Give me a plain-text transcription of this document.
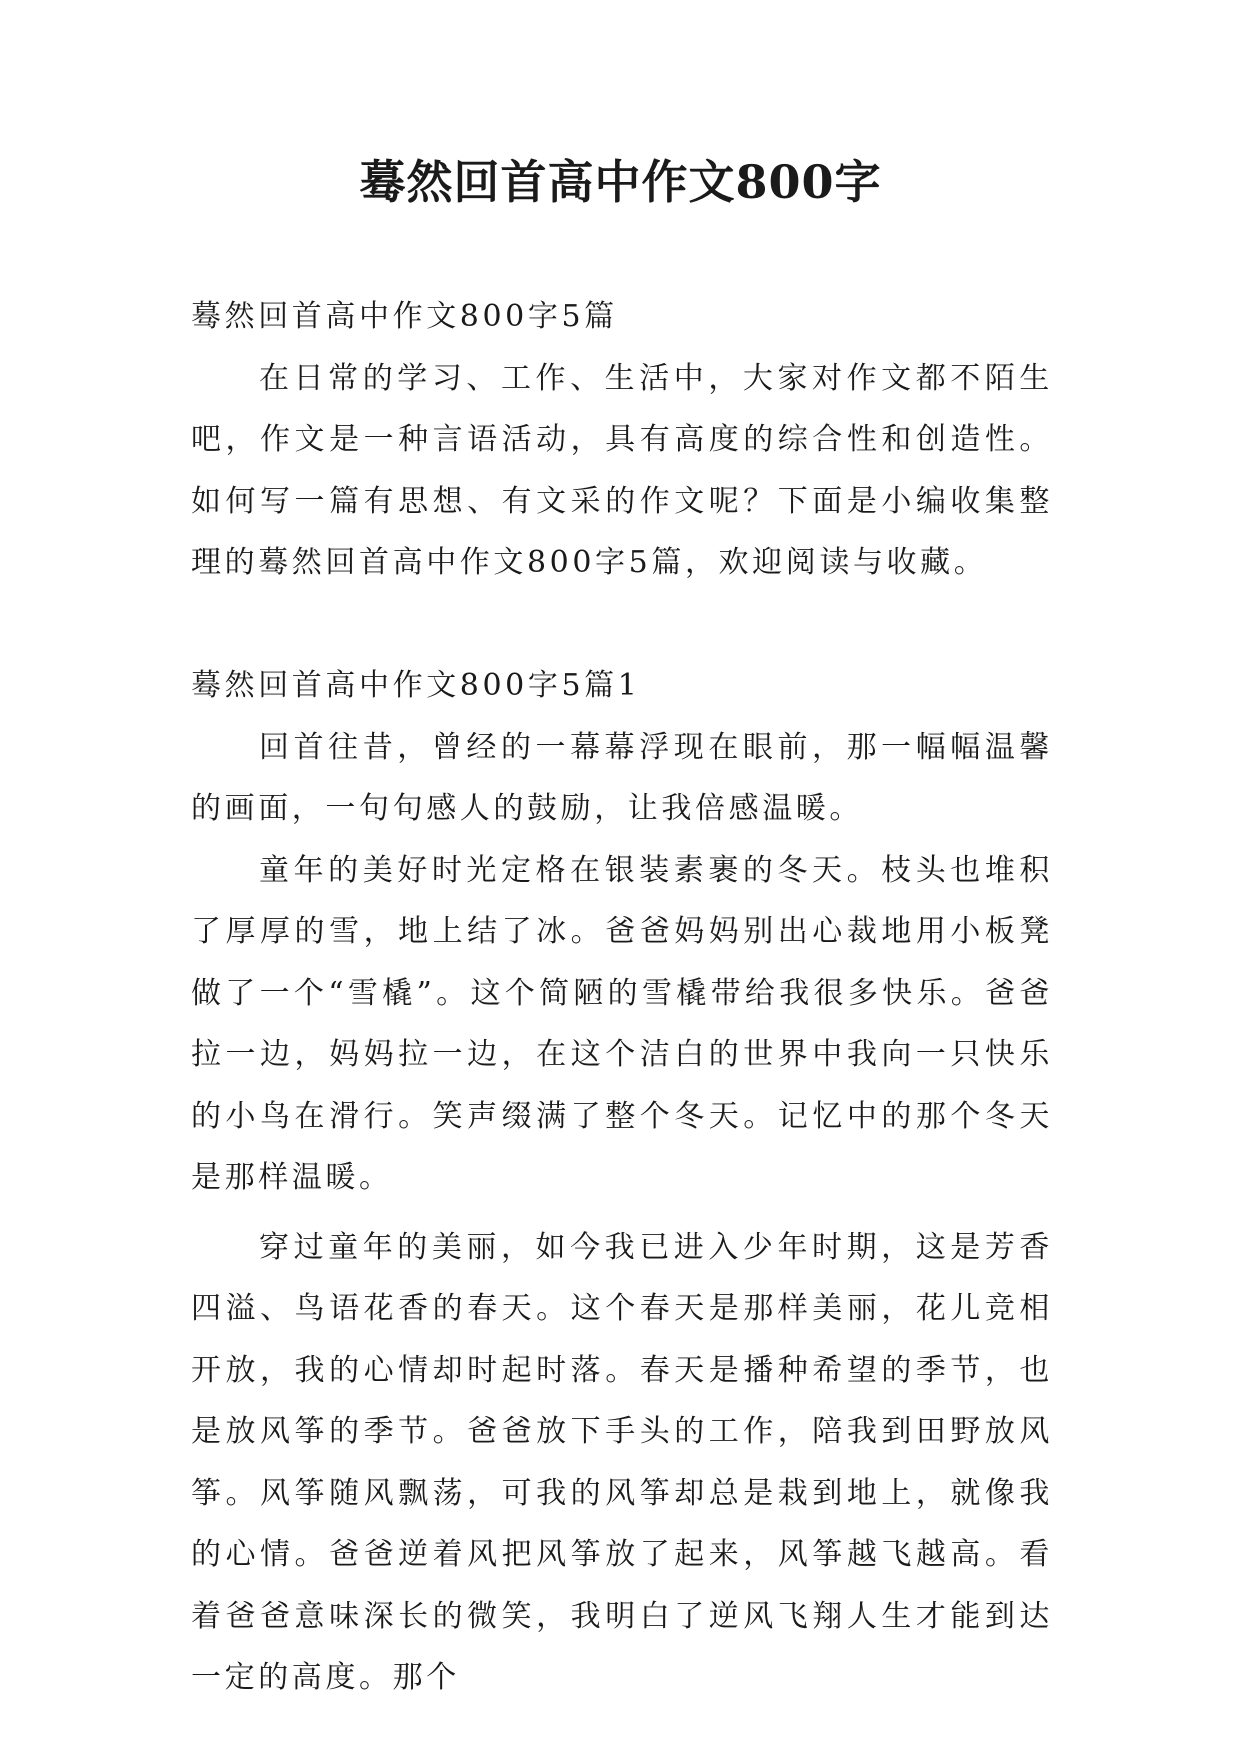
蓦然回首高中作文800字

蓦然回首高中作文800字5篇

在日常的学习、工作、生活中，大家对作文都不陌生吧，作文是一种言语活动，具有高度的综合性和创造性。如何写一篇有思想、有文采的作文呢？下面是小编收集整理的蓦然回首高中作文800字5篇，欢迎阅读与收藏。

蓦然回首高中作文800字5篇1

回首往昔，曾经的一幕幕浮现在眼前，那一幅幅温馨的画面，一句句感人的鼓励，让我倍感温暖。

童年的美好时光定格在银装素裹的冬天。枝头也堆积了厚厚的雪，地上结了冰。爸爸妈妈别出心裁地用小板凳做了一个“雪橇”。这个简陋的雪橇带给我很多快乐。爸爸拉一边，妈妈拉一边，在这个洁白的世界中我向一只快乐的小鸟在滑行。笑声缀满了整个冬天。记忆中的那个冬天是那样温暖。

穿过童年的美丽，如今我已进入少年时期，这是芳香四溢、鸟语花香的春天。这个春天是那样美丽，花儿竞相开放，我的心情却时起时落。春天是播种希望的季节，也是放风筝的季节。爸爸放下手头的工作，陪我到田野放风筝。风筝随风飘荡，可我的风筝却总是栽到地上，就像我的心情。爸爸逆着风把风筝放了起来，风筝越飞越高。看着爸爸意味深长的微笑，我明白了逆风飞翔人生才能到达一定的高度。那个
